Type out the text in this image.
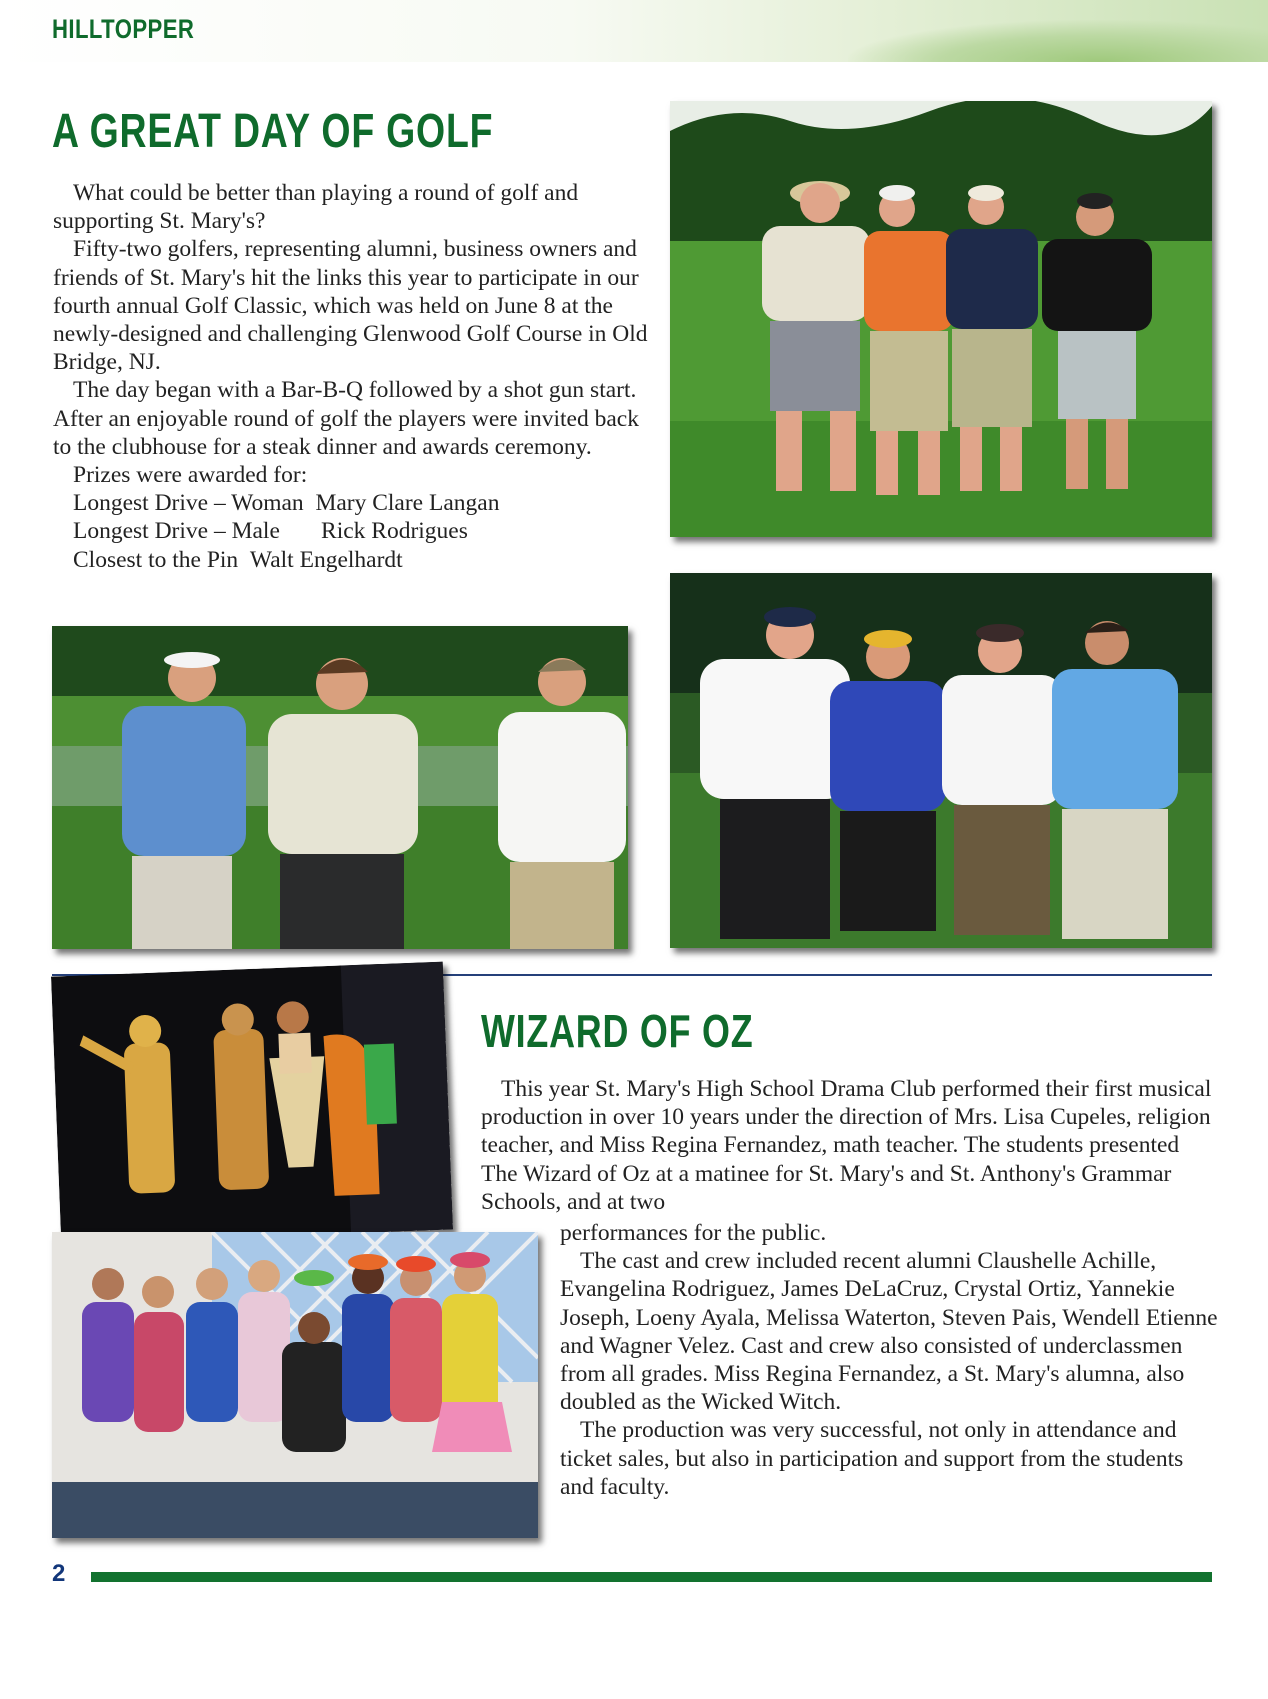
HILLTOPPER
A GREAT DAY OF GOLF

What could be better than playing a round of golf and supporting St. Mary's?

Fifty-two golfers, representing alumni, business owners and friends of St. Mary's hit the links this year to participate in our fourth annual Golf Classic, which was held on June 8 at the newly-designed and challenging Glenwood Golf Course in Old Bridge, NJ.

The day began with a Bar-B-Q followed by a shot gun start. After an enjoyable round of golf the players were invited back to the clubhouse for a steak dinner and awards ceremony.

Prizes were awarded for:

Longest Drive – Woman Mary Clare Langan

Longest Drive – Male Rick Rodrigues

Closest to the Pin Walt Engelhardt

WIZARD OF OZ

This year St. Mary's High School Drama Club performed their first musical production in over 10 years under the direction of Mrs. Lisa Cupeles, religion teacher, and Miss Regina Fernandez, math teacher. The students presented The Wizard of Oz at a matinee for St. Mary's and St. Anthony's Grammar Schools, and at two

performances for the public.

The cast and crew included recent alumni Claushelle Achille, Evangelina Rodriguez, James DeLaCruz, Crystal Ortiz, Yannekie Joseph, Loeny Ayala, Melissa Waterton, Steven Pais, Wendell Etienne and Wagner Velez. Cast and crew also consisted of underclassmen from all grades. Miss Regina Fernandez, a St. Mary's alumna, also doubled as the Wicked Witch.

The production was very successful, not only in attendance and ticket sales, but also in participation and support from the students and faculty.

2
